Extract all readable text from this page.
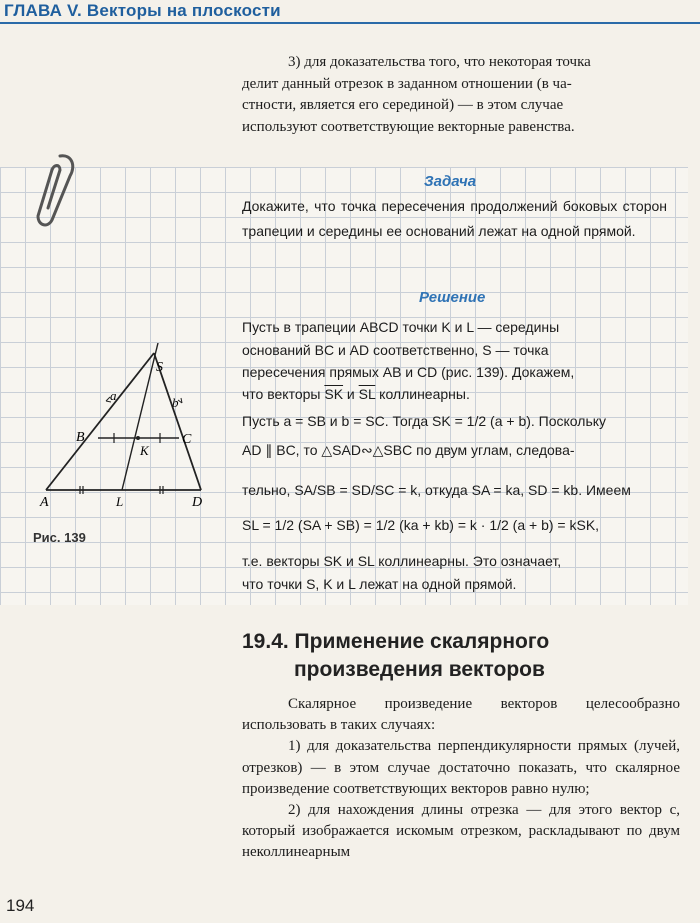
ГЛАВА V. Векторы на плоскости
3) для доказательства того, что некоторая точка
делит данный отрезок в заданном отношении (в ча-
стности, является его серединой) — в этом случае
используют соответствующие векторные равенства.
Задача
Докажите, что точка пересечения продолжений боковых сторон трапеции и середины ее оснований лежат на одной прямой.
Решение
Пусть в трапеции ABCD точки K и L — середины
оснований BC и AD соответственно, S — точка
пересечения прямых AB и CD (рис. 139). Докажем,
что векторы $\overline{SK}$ и $\overline{SL}$ коллинеарны.
Пусть a = SB и b = SC. Тогда SK = 1/2 (a + b). Поскольку
AD ∥ BC, то △SAD∾△SBC по двум углам, следова-
тельно, SA/SB = SD/SC = k, откуда SA = ka, SD = kb. Имеем
SL = 1/2 (SA + SB) = 1/2 (ka + kb) = k · 1/2 (a + b) = kSK,
т.е. векторы SK и SL коллинеарны. Это означает,
что точки S, K и L лежат на одной прямой.
S
a	b
B	C
K
A	L	D
Рис. 139
19.4. Применение скалярного
произведения векторов

Скалярное произведение векторов целесообразно использовать в таких случаях:

1) для доказательства перпендикулярности прямых (лучей, отрезков) — в этом случае достаточно показать, что скалярное произведение соответствующих векторов равно нулю;

2) для нахождения длины отрезка — для этого вектор c, который изображается искомым отрезком, раскладывают по двум неколлинеарным

194
